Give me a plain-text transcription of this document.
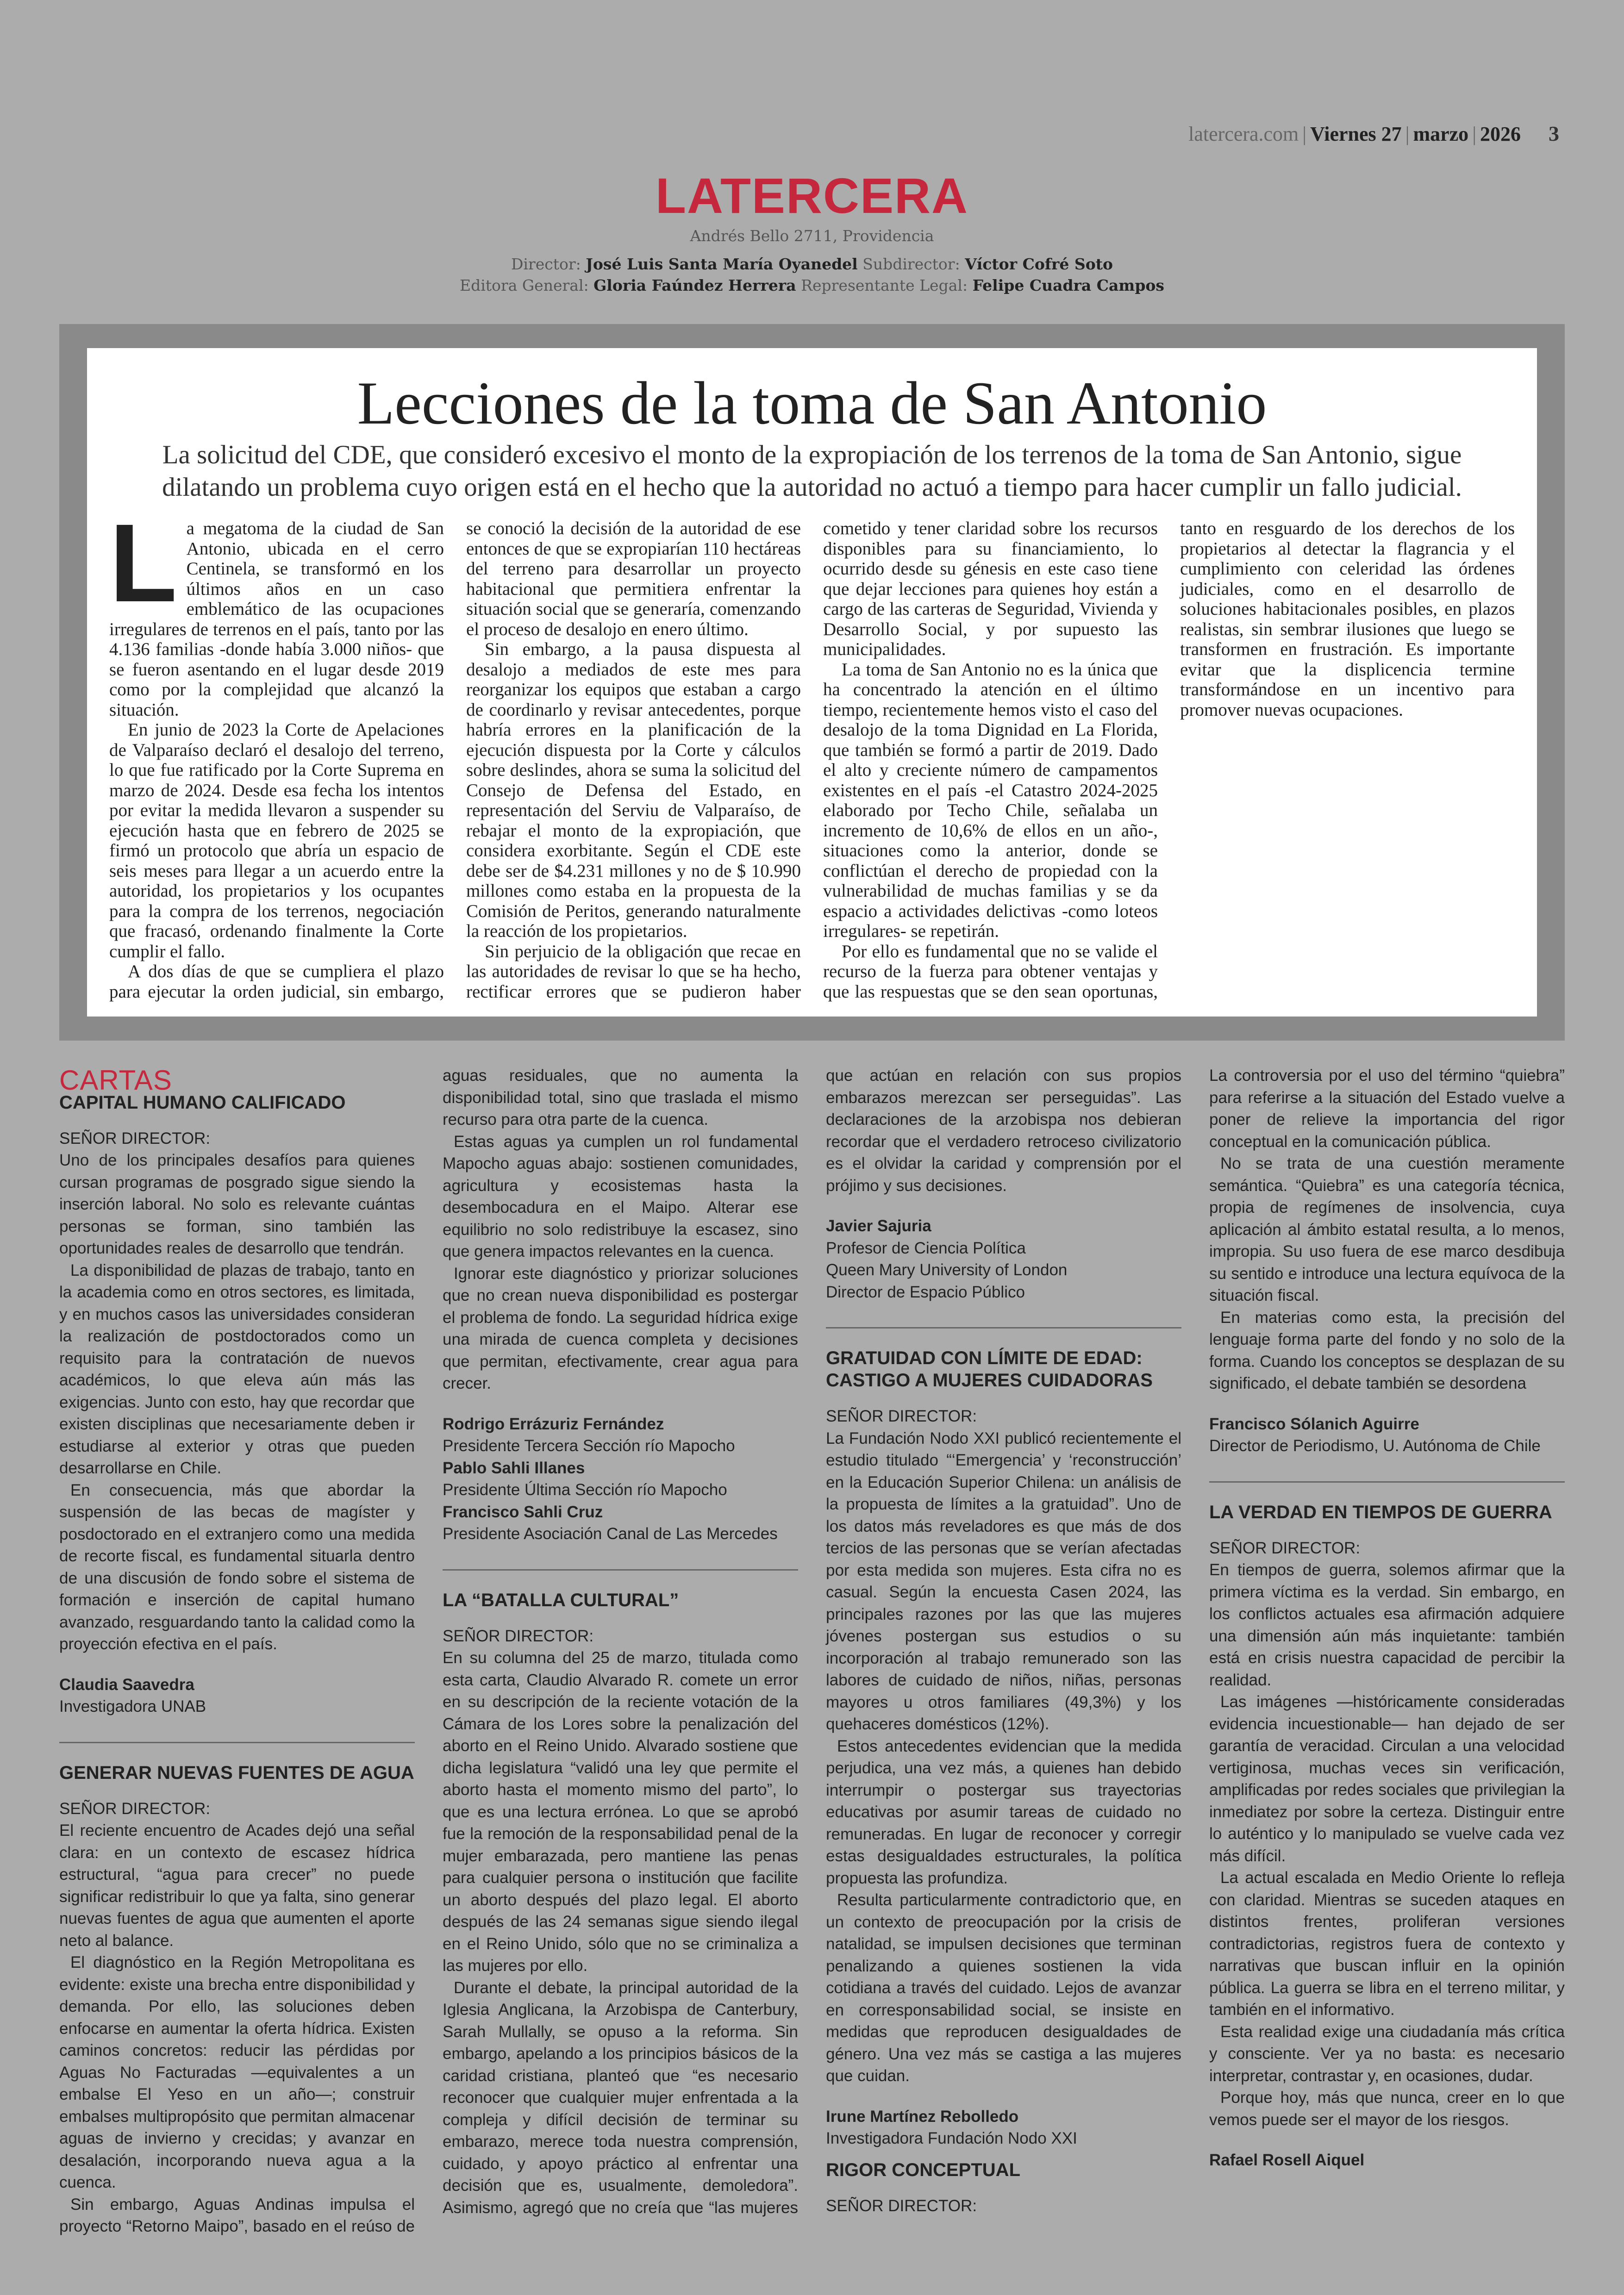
latercera.com | Viernes 27 | marzo | 2026 3
LATERCERA
Andrés Bello 2711, Providencia
Director: José Luis Santa María Oyanedel Subdirector: Víctor Cofré Soto
Editora General: Gloria Faúndez Herrera Representante Legal: Felipe Cuadra Campos
Lecciones de la toma de San Antonio

La solicitud del CDE, que consideró excesivo el monto de la expropiación de los terrenos de la toma de San Antonio, sigue dilatando un problema cuyo origen está en el hecho que la autoridad no actuó a tiempo para hacer cumplir un fallo judicial.

La megatoma de la ciudad de San Antonio, ubicada en el cerro Centinela, se transformó en los últimos años en un caso emblemático de las ocupaciones irregulares de terrenos en el país, tanto por las 4.136 familias -donde había 3.000 niños- que se fueron asentando en el lugar desde 2019 como por la complejidad que alcanzó la situación.

En junio de 2023 la Corte de Apelaciones de Valparaíso declaró el desalojo del terreno, lo que fue ratificado por la Corte Suprema en marzo de 2024. Desde esa fecha los intentos por evitar la medida llevaron a suspender su ejecución hasta que en febrero de 2025 se firmó un protocolo que abría un espacio de seis meses para llegar a un acuerdo entre la autoridad, los propietarios y los ocupantes para la compra de los terrenos, negociación que fracasó, ordenando finalmente la Corte cumplir el fallo.

A dos días de que se cumpliera el plazo para ejecutar la orden judicial, sin embargo, se conoció la decisión de la autoridad de ese entonces de que se expropiarían 110 hectáreas del terreno para desarrollar un proyecto habitacional que permitiera enfrentar la situación social que se generaría, comenzando el proceso de desalojo en enero último.

Sin embargo, a la pausa dispuesta al desalojo a mediados de este mes para reorganizar los equipos que estaban a cargo de coordinarlo y revisar antecedentes, porque habría errores en la planificación de la ejecución dispuesta por la Corte y cálculos sobre deslindes, ahora se suma la solicitud del Consejo de Defensa del Estado, en representación del Serviu de Valparaíso, de rebajar el monto de la expropiación, que considera exorbitante. Según el CDE este debe ser de $4.231 millones y no de $ 10.990 millones como estaba en la propuesta de la Comisión de Peritos, generando naturalmente la reacción de los propietarios.

Sin perjuicio de la obligación que recae en las autoridades de revisar lo que se ha hecho, rectificar errores que se pudieron haber cometido y tener claridad sobre los recursos disponibles para su financiamiento, lo ocurrido desde su génesis en este caso tiene que dejar lecciones para quienes hoy están a cargo de las carteras de Seguridad, Vivienda y Desarrollo Social, y por supuesto las municipalidades.

La toma de San Antonio no es la única que ha concentrado la atención en el último tiempo, recientemente hemos visto el caso del desalojo de la toma Dignidad en La Florida, que también se formó a partir de 2019. Dado el alto y creciente número de campamentos existentes en el país -el Catastro 2024-2025 elaborado por Techo Chile, señalaba un incremento de 10,6% de ellos en un año-, situaciones como la anterior, donde se conflictúan el derecho de propiedad con la vulnerabilidad de muchas familias y se da espacio a actividades delictivas -como loteos irregulares- se repetirán.

Por ello es fundamental que no se valide el recurso de la fuerza para obtener ventajas y que las respuestas que se den sean oportunas, tanto en resguardo de los derechos de los propietarios al detectar la flagrancia y el cumplimiento con celeridad las órdenes judiciales, como en el desarrollo de soluciones habitacionales posibles, en plazos realistas, sin sembrar ilusiones que luego se transformen en frustración. Es importante evitar que la displicencia termine transformándose en un incentivo para promover nuevas ocupaciones.

CARTAS
CAPITAL HUMANO CALIFICADO

SEÑOR DIRECTOR:

Uno de los principales desafíos para quienes cursan programas de posgrado sigue siendo la inserción laboral. No solo es relevante cuántas personas se forman, sino también las oportunidades reales de desarrollo que tendrán.

La disponibilidad de plazas de trabajo, tanto en la academia como en otros sectores, es limitada, y en muchos casos las universidades consideran la realización de postdoctorados como un requisito para la contratación de nuevos académicos, lo que eleva aún más las exigencias. Junto con esto, hay que recordar que existen disciplinas que necesariamente deben ir estudiarse al exterior y otras que pueden desarrollarse en Chile.

En consecuencia, más que abordar la suspensión de las becas de magíster y posdoctorado en el extranjero como una medida de recorte fiscal, es fundamental situarla dentro de una discusión de fondo sobre el sistema de formación e inserción de capital humano avanzado, resguardando tanto la calidad como la proyección efectiva en el país.

Claudia Saavedra

Investigadora UNAB

GENERAR NUEVAS FUENTES DE AGUA

SEÑOR DIRECTOR:

El reciente encuentro de Acades dejó una señal clara: en un contexto de escasez hídrica estructural, “agua para crecer” no puede significar redistribuir lo que ya falta, sino generar nuevas fuentes de agua que aumenten el aporte neto al balance.

El diagnóstico en la Región Metropolitana es evidente: existe una brecha entre disponibilidad y demanda. Por ello, las soluciones deben enfocarse en aumentar la oferta hídrica. Existen caminos concretos: reducir las pérdidas por Aguas No Facturadas —equivalentes a un embalse El Yeso en un año—; construir embalses multipropósito que permitan almacenar aguas de invierno y crecidas; y avanzar en desalación, incorporando nueva agua a la cuenca.

Sin embargo, Aguas Andinas impulsa el proyecto “Retorno Maipo”, basado en el reúso de aguas residuales, que no aumenta la disponibilidad total, sino que traslada el mismo recurso para otra parte de la cuenca.

Estas aguas ya cumplen un rol fundamental Mapocho aguas abajo: sostienen comunidades, agricultura y ecosistemas hasta la desembocadura en el Maipo. Alterar ese equilibrio no solo redistribuye la escasez, sino que genera impactos relevantes en la cuenca.

Ignorar este diagnóstico y priorizar soluciones que no crean nueva disponibilidad es postergar el problema de fondo. La seguridad hídrica exige una mirada de cuenca completa y decisiones que permitan, efectivamente, crear agua para crecer.

Rodrigo Errázuriz Fernández

Presidente Tercera Sección río Mapocho

Pablo Sahli Illanes

Presidente Última Sección río Mapocho

Francisco Sahli Cruz

Presidente Asociación Canal de Las Mercedes

LA “BATALLA CULTURAL”

SEÑOR DIRECTOR:

En su columna del 25 de marzo, titulada como esta carta, Claudio Alvarado R. comete un error en su descripción de la reciente votación de la Cámara de los Lores sobre la penalización del aborto en el Reino Unido. Alvarado sostiene que dicha legislatura “validó una ley que permite el aborto hasta el momento mismo del parto”, lo que es una lectura errónea. Lo que se aprobó fue la remoción de la responsabilidad penal de la mujer embarazada, pero mantiene las penas para cualquier persona o institución que facilite un aborto después del plazo legal. El aborto después de las 24 semanas sigue siendo ilegal en el Reino Unido, sólo que no se criminaliza a las mujeres por ello.

Durante el debate, la principal autoridad de la Iglesia Anglicana, la Arzobispa de Canterbury, Sarah Mullally, se opuso a la reforma. Sin embargo, apelando a los principios básicos de la caridad cristiana, planteó que “es necesario reconocer que cualquier mujer enfrentada a la compleja y difícil decisión de terminar su embarazo, merece toda nuestra comprensión, cuidado, y apoyo práctico al enfrentar una decisión que es, usualmente, demoledora”. Asimismo, agregó que no creía que “las mujeres que actúan en relación con sus propios embarazos merezcan ser perseguidas”. Las declaraciones de la arzobispa nos debieran recordar que el verdadero retroceso civilizatorio es el olvidar la caridad y comprensión por el prójimo y sus decisiones.

Javier Sajuria

Profesor de Ciencia Política

Queen Mary University of London

Director de Espacio Público

GRATUIDAD CON LÍMITE DE EDAD: CASTIGO A MUJERES CUIDADORAS

SEÑOR DIRECTOR:

La Fundación Nodo XXI publicó recientemente el estudio titulado “‘Emergencia’ y ‘reconstrucción’ en la Educación Superior Chilena: un análisis de la propuesta de límites a la gratuidad”. Uno de los datos más reveladores es que más de dos tercios de las personas que se verían afectadas por esta medida son mujeres. Esta cifra no es casual. Según la encuesta Casen 2024, las principales razones por las que las mujeres jóvenes postergan sus estudios o su incorporación al trabajo remunerado son las labores de cuidado de niños, niñas, personas mayores u otros familiares (49,3%) y los quehaceres domésticos (12%).

Estos antecedentes evidencian que la medida perjudica, una vez más, a quienes han debido interrumpir o postergar sus trayectorias educativas por asumir tareas de cuidado no remuneradas. En lugar de reconocer y corregir estas desigualdades estructurales, la política propuesta las profundiza.

Resulta particularmente contradictorio que, en un contexto de preocupación por la crisis de natalidad, se impulsen decisiones que terminan penalizando a quienes sostienen la vida cotidiana a través del cuidado. Lejos de avanzar en corresponsabilidad social, se insiste en medidas que reproducen desigualdades de género. Una vez más se castiga a las mujeres que cuidan.

Irune Martínez Rebolledo

Investigadora Fundación Nodo XXI

RIGOR CONCEPTUAL

SEÑOR DIRECTOR:

La controversia por el uso del término “quiebra” para referirse a la situación del Estado vuelve a poner de relieve la importancia del rigor conceptual en la comunicación pública.

No se trata de una cuestión meramente semántica. “Quiebra” es una categoría técnica, propia de regímenes de insolvencia, cuya aplicación al ámbito estatal resulta, a lo menos, impropia. Su uso fuera de ese marco desdibuja su sentido e introduce una lectura equívoca de la situación fiscal.

En materias como esta, la precisión del lenguaje forma parte del fondo y no solo de la forma. Cuando los conceptos se desplazan de su significado, el debate también se desordena

Francisco Sólanich Aguirre

Director de Periodismo, U. Autónoma de Chile

LA VERDAD EN TIEMPOS DE GUERRA

SEÑOR DIRECTOR:

En tiempos de guerra, solemos afirmar que la primera víctima es la verdad. Sin embargo, en los conflictos actuales esa afirmación adquiere una dimensión aún más inquietante: también está en crisis nuestra capacidad de percibir la realidad.

Las imágenes —históricamente consideradas evidencia incuestionable— han dejado de ser garantía de veracidad. Circulan a una velocidad vertiginosa, muchas veces sin verificación, amplificadas por redes sociales que privilegian la inmediatez por sobre la certeza. Distinguir entre lo auténtico y lo manipulado se vuelve cada vez más difícil.

La actual escalada en Medio Oriente lo refleja con claridad. Mientras se suceden ataques en distintos frentes, proliferan versiones contradictorias, registros fuera de contexto y narrativas que buscan influir en la opinión pública. La guerra se libra en el terreno militar, y también en el informativo.

Esta realidad exige una ciudadanía más crítica y consciente. Ver ya no basta: es necesario interpretar, contrastar y, en ocasiones, dudar.

Porque hoy, más que nunca, creer en lo que vemos puede ser el mayor de los riesgos.

Rafael Rosell Aiquel
